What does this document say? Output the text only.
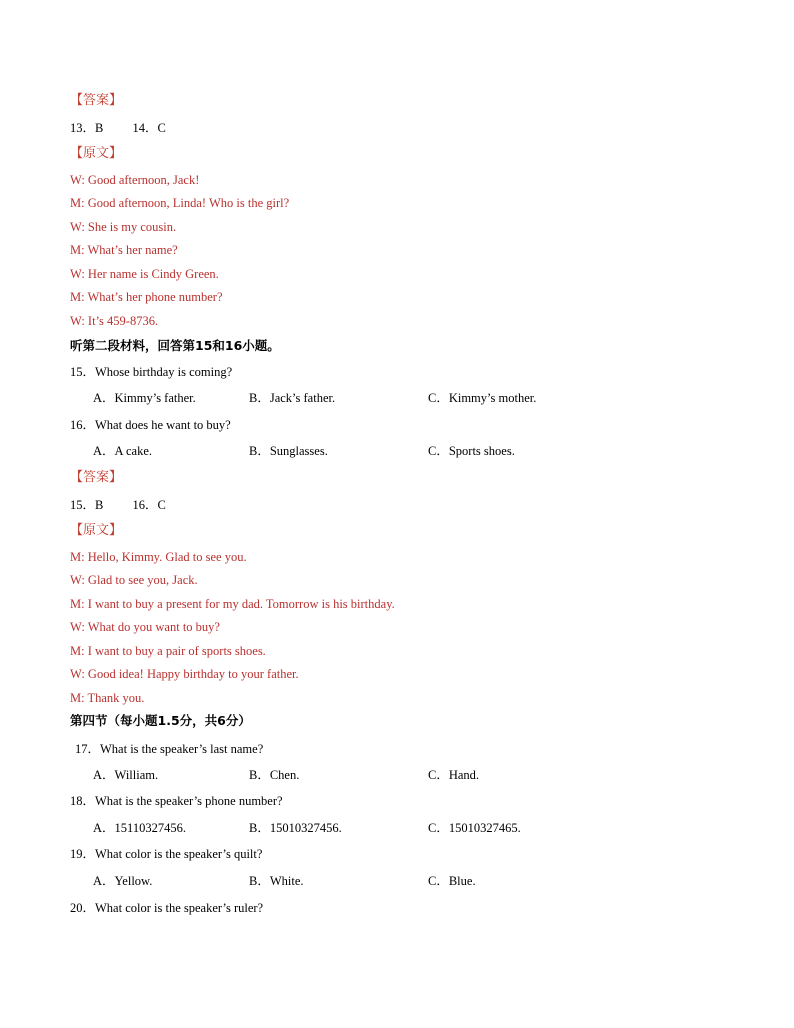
【答案】
13．B 14．C
【原文】
W: Good afternoon, Jack!
M: Good afternoon, Linda! Who is the girl?
W: She is my cousin.
M: What’s her name?
W: Her name is Cindy Green.
M: What’s her phone number?
W: It’s 459-8736.
听第二段材料，回答第15和16小题。
15．Whose birthday is coming?
A．Kimmy’s father.	B．Jack’s father.	C．Kimmy’s mother.
16．What does he want to buy?
A．A cake.	B．Sunglasses.	C．Sports shoes.
【答案】
15．B 16．C
【原文】
M: Hello, Kimmy. Glad to see you.
W: Glad to see you, Jack.
M: I want to buy a present for my dad. Tomorrow is his birthday.
W: What do you want to buy?
M: I want to buy a pair of sports shoes.
W: Good idea! Happy birthday to your father.
M: Thank you.
第四节（每小题1.5分，共6分）
17．What is the speaker’s last name?
A．William.	B．Chen.	C．Hand.
18．What is the speaker’s phone number?
A．15110327456.	B．15010327456.	C．15010327465.
19．What color is the speaker’s quilt?
A．Yellow.	B．White.	C．Blue.
20．What color is the speaker’s ruler?
